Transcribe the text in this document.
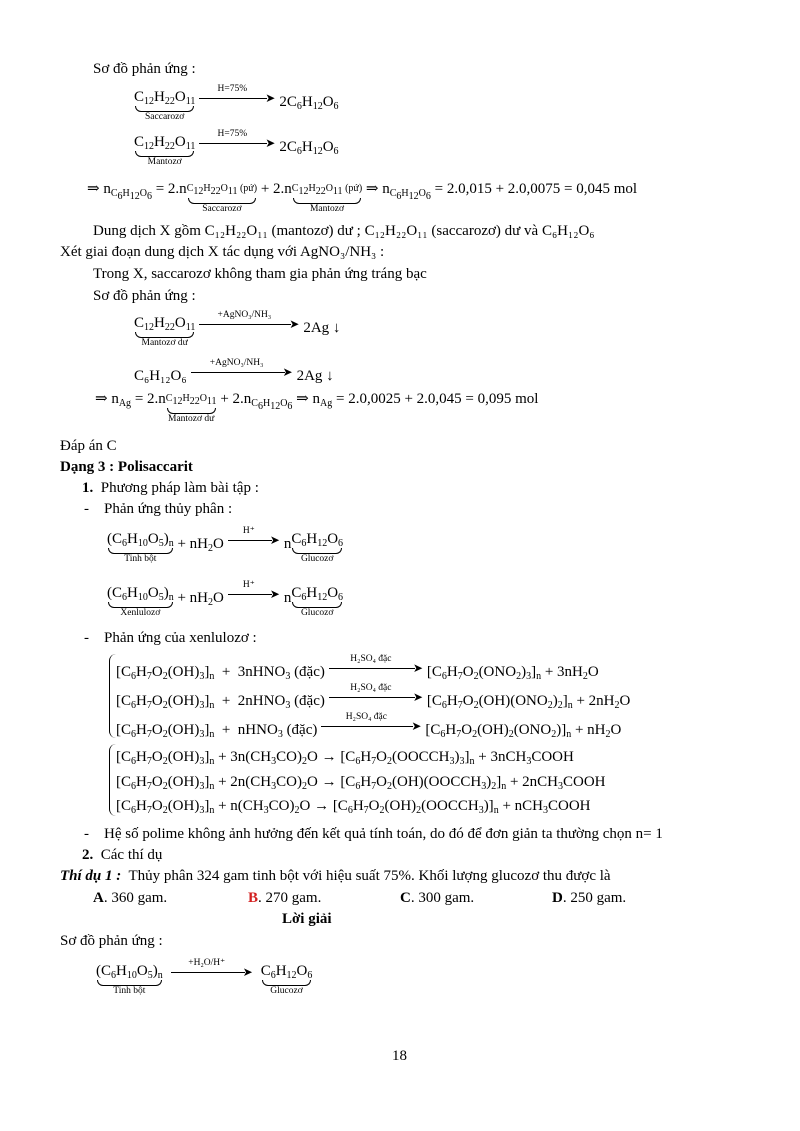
Sơ đồ phản ứng :
$C_{12}H_{22}O_{11}$
Saccarozơ
H=75%
➤ $2C_6H_{12}O_6$
$C_{12}H_{22}O_{11}$
Mantozơ
H=75%
➤ $2C_6H_{12}O_6$
⇒ $n_{C_6H_{12}O_6} = 2.n$ $C_{12}H_{22}O_{11}$ (pứ)
Saccarozơ
+ 2.n $C_{12}H_{22}O_{11}$ (pứ)
Mantozơ
⇒ $n_{C_6H_{12}O_6} = 2.0,015 + 2.0,0075 = 0,045$ mol
Dung dịch X gồm C₁₂H₂₂O₁₁ (mantozơ) dư ; C₁₂H₂₂O₁₁ (saccarozơ) dư và C₆H₁₂O₆
Xét giai đoạn dung dịch X tác dụng với AgNO₃/NH₃ :
Trong X, saccarozơ không tham gia phản ứng tráng bạc
Sơ đồ phản ứng :
$C_{12}H_{22}O_{11}$
Mantozơ dư
+AgNO₃/NH₃
➤ 2Ag ↓
C₆H₁₂O₆
+AgNO₃/NH₃
➤ 2Ag ↓
⇒ $n_{Ag} = 2.n$ $C_{12}H_{22}O_{11}$
Mantozơ dư
+ $2.n_{C_6H_{12}O_6}$ ⇒ $n_{Ag} = 2.0,0025 + 2.0,045 = 0,095$ mol
Đáp án C
Dạng 3 : Polisaccarit
1. Phương pháp làm bài tập :
-    Phản ứng thủy phân :
$(C_6H_{10}O_5)_n$
Tinh bột
+ $nH_2O$
H⁺
➤ n $C_6H_{12}O_6$
Glucozơ
$(C_6H_{10}O_5)_n$
Xenlulozơ
+ $nH_2O$
H⁺
➤ n $C_6H_{12}O_6$
Glucozơ
-    Phản ứng của xenlulozơ :
$[C_6H_7O_2(OH)_3]_n$  +  3nHNO$_3$ (đặc)
H₂SO₄ đặc
➤ $[C_6H_7O_2(ONO_2)_3]_n + 3nH_2O$
$[C_6H_7O_2(OH)_3]_n$  +  2nHNO$_3$ (đặc)
H₂SO₄ đặc
➤ $[C_6H_7O_2(OH)(ONO_2)_2]_n + 2nH_2O$
$[C_6H_7O_2(OH)_3]_n$  +  nHNO$_3$ (đặc)
H₂SO₄ đặc
➤ $[C_6H_7O_2(OH)_2(ONO_2)]_n + nH_2O$
$[C_6H_7O_2(OH)_3]_n + 3n(CH_3CO)_2O$ → $[C_6H_7O_2(OOCCH_3)_3]_n$ + 3nCH$_3$COOH
$[C_6H_7O_2(OH)_3]_n + 2n(CH_3CO)_2O$ → $[C_6H_7O_2(OH)(OOCCH_3)_2]_n$ + 2nCH$_3$COOH
$[C_6H_7O_2(OH)_3]_n + n(CH_3CO)_2O$ → $[C_6H_7O_2(OH)_2(OOCCH_3)]_n$ + nCH$_3$COOH
-    Hệ số polime không ảnh hưởng đến kết quả tính toán, do đó để đơn giản ta thường chọn n= 1
2. Các thí dụ
Thí dụ 1 : Thủy phân 324 gam tinh bột với hiệu suất 75%. Khối lượng glucozơ thu được là
A. 360 gam.	B. 270 gam.	C. 300 gam.	D. 250 gam.
Lời giải
Sơ đồ phản ứng :
$(C_6H_{10}O_5)_n$
Tinh bột
+H₂O/H⁺
➤ $C_6H_{12}O_6$
Glucozơ
18
